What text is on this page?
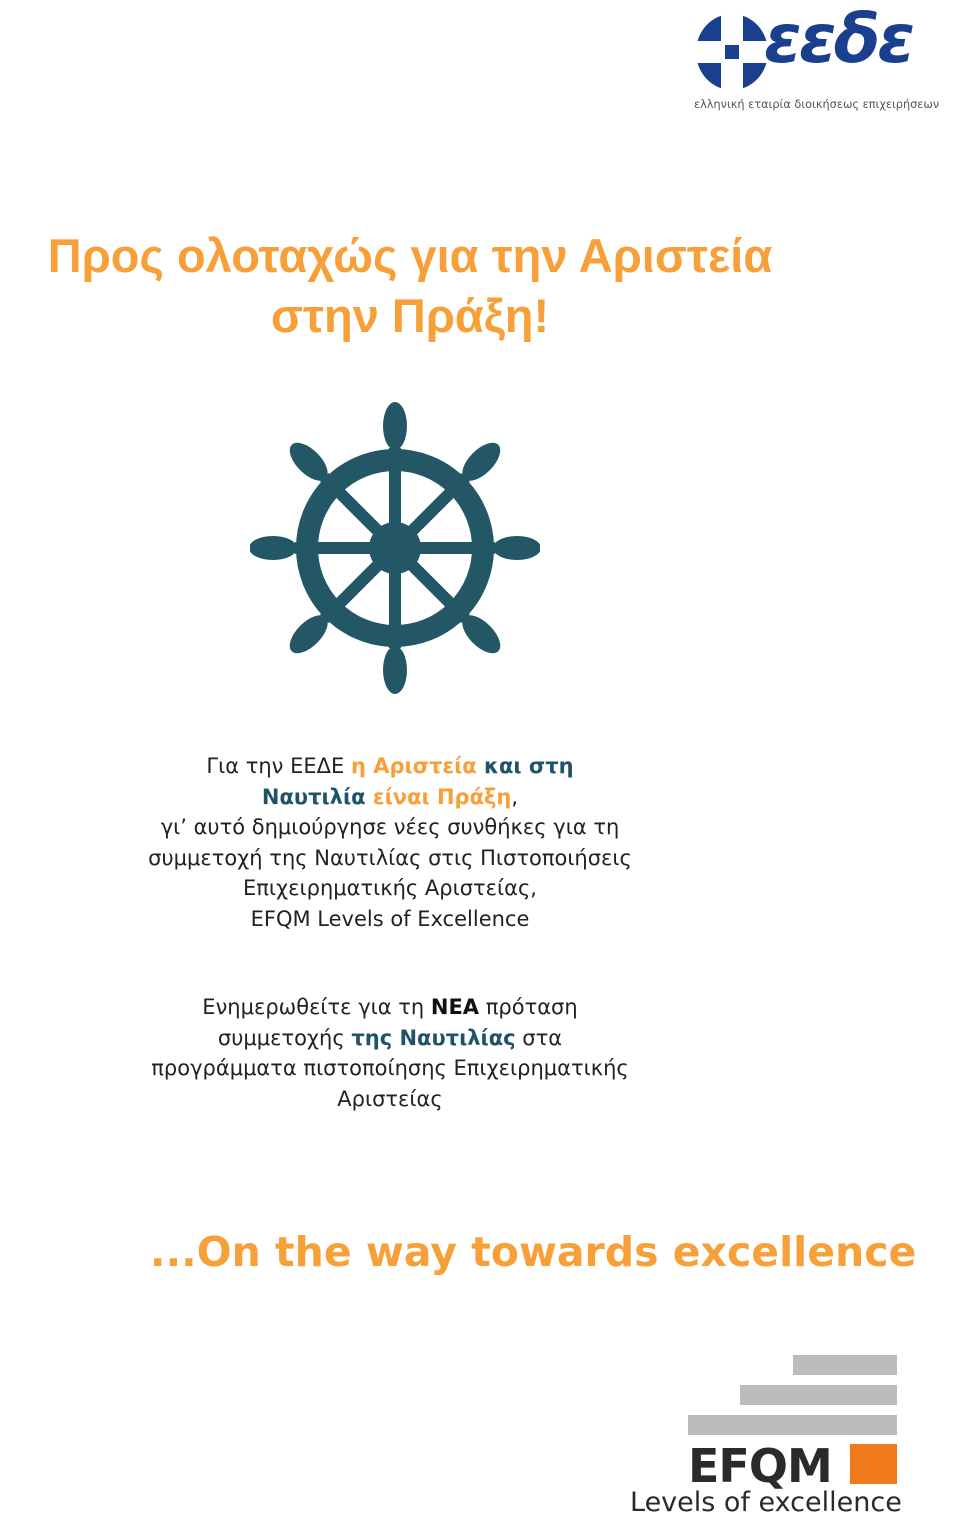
εεδε
ελληνική εταιρία διοικήσεως επιχειρήσεων
Προς ολοταχώς για την Αριστεία
στην Πράξη!
Για την ΕΕΔΕ η Αριστεία και στη
Ναυτιλία είναι Πράξη,
γι’ αυτό δημιούργησε νέες συνθήκες για τη
συμμετοχή της Ναυτιλίας στις Πιστοποιήσεις
Επιχειρηματικής Αριστείας,
EFQM Levels of Excellence
Ενημερωθείτε για τη ΝΕΑ πρόταση
συμμετοχής της Ναυτιλίας στα
προγράμματα πιστοποίησης Επιχειρηματικής
Αριστείας
...On the way towards excellence
EFQM
Levels of excellence
